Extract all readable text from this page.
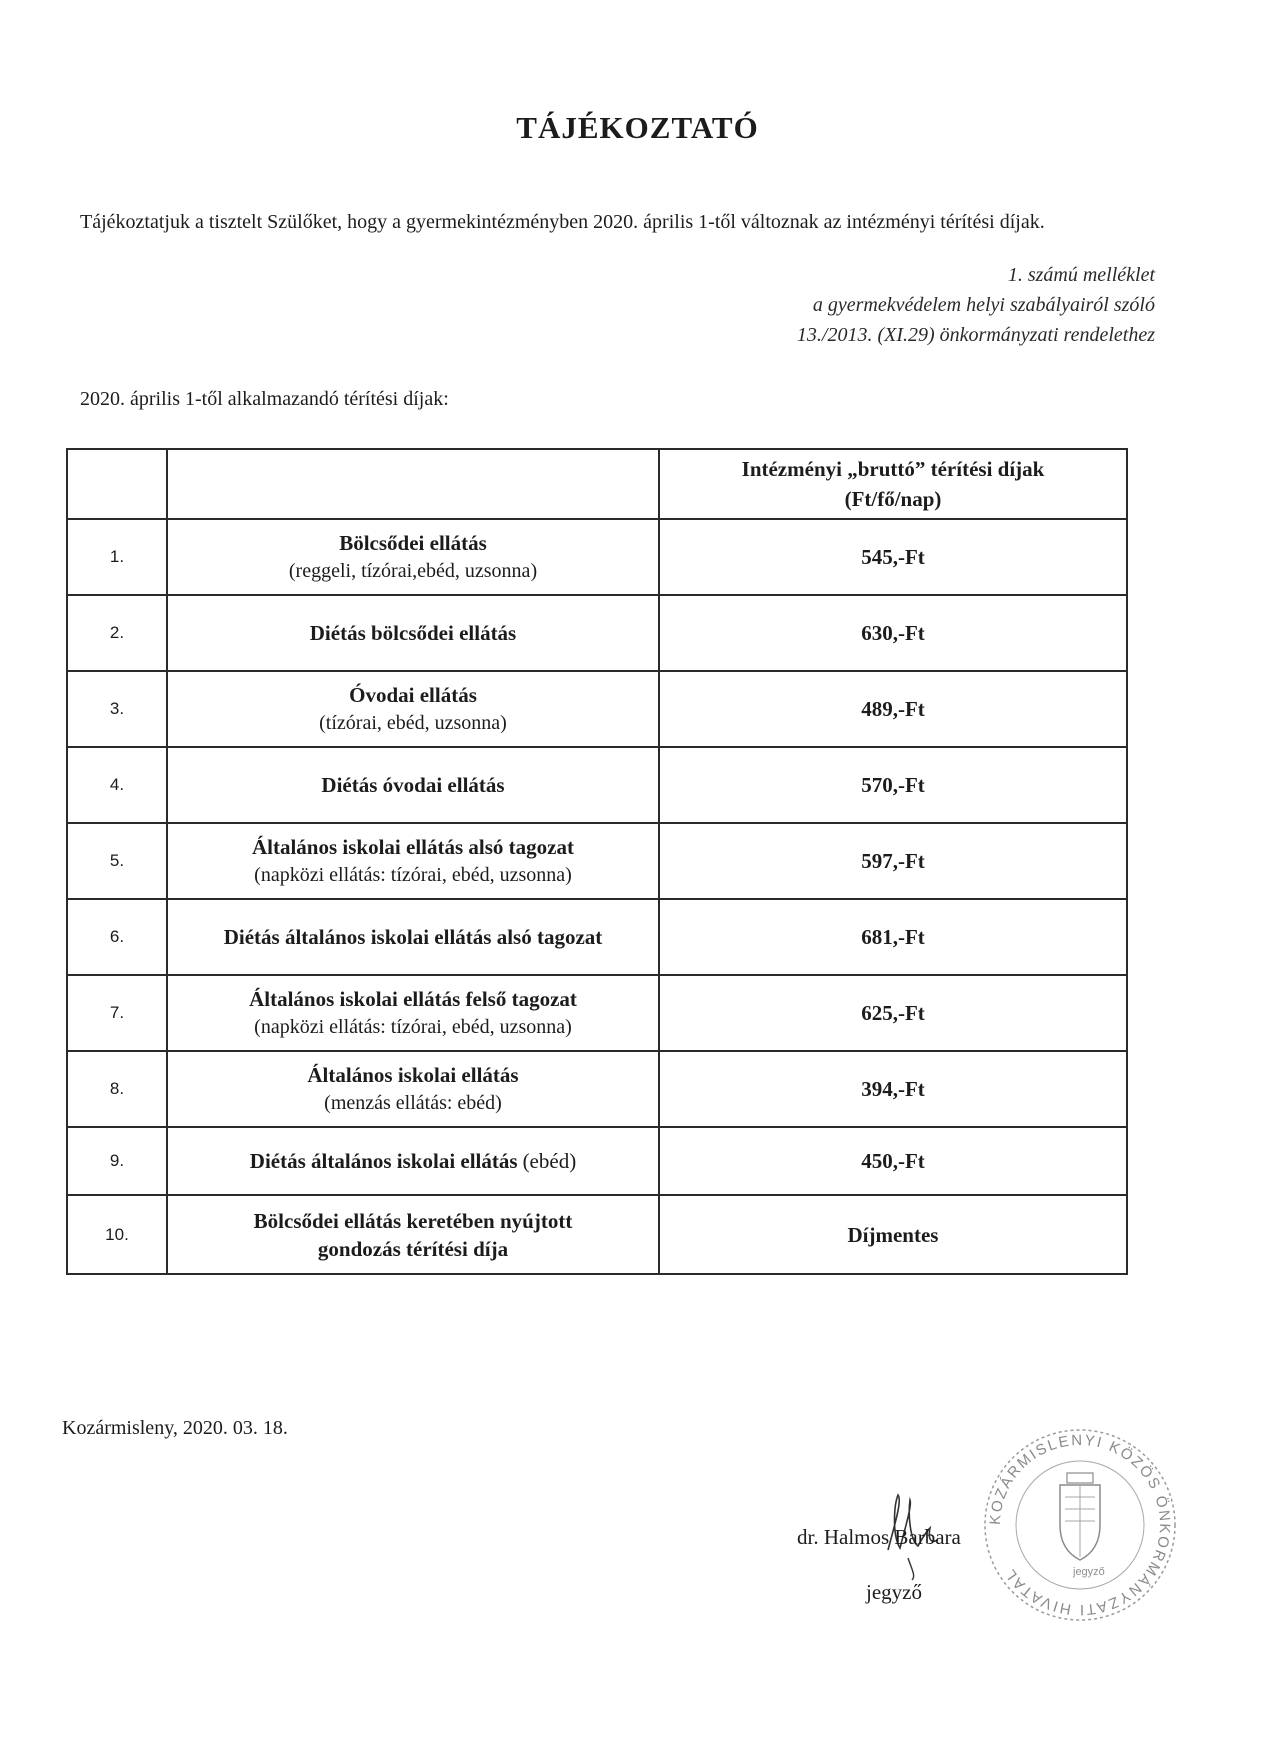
TÁJÉKOZTATÓ
Tájékoztatjuk a tisztelt Szülőket, hogy a gyermekintézményben 2020. április 1-től változnak az intézményi térítési díjak.
1. számú melléklet
a gyermekvédelem helyi szabályairól szóló
13./2013. (XI.29) önkormányzati rendelethez
2020. április 1-től alkalmazandó térítési díjak:
		Intézményi „bruttó” térítési díjak
(Ft/fő/nap)
1.	Bölcsődei ellátás
(reggeli, tízórai,ebéd, uzsonna)	545,-Ft
2.	Diétás bölcsődei ellátás	630,-Ft
3.	Óvodai ellátás
(tízórai, ebéd, uzsonna)	489,-Ft
4.	Diétás óvodai ellátás	570,-Ft
5.	Általános iskolai ellátás alsó tagozat
(napközi ellátás: tízórai, ebéd, uzsonna)	597,-Ft
6.	Diétás általános iskolai ellátás alsó tagozat	681,-Ft
7.	Általános iskolai ellátás felső tagozat
(napközi ellátás: tízórai, ebéd, uzsonna)	625,-Ft
8.	Általános iskolai ellátás
(menzás ellátás: ebéd)	394,-Ft
9.	Diétás általános iskolai ellátás (ebéd)	450,-Ft
10.	Bölcsődei ellátás keretében nyújtott gondozás térítési díja	Díjmentes
Kozármisleny, 2020. 03. 18.
KOZÁRMISLENYI KÖZÖS ÖNKORMÁNYZATI HIVATAL	jegyző
dr. Halmos Barbara
jegyző
